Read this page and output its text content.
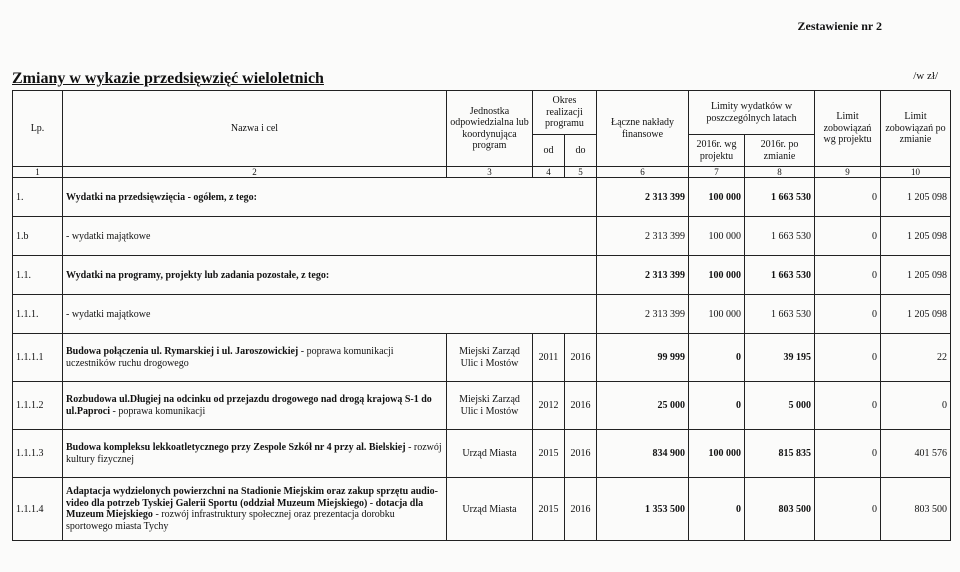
Zestawienie nr 2
Zmiany w wykazie przedsięwzięć wieloletnich	/w zł/
Lp.	Nazwa i cel	Jednostka odpowiedzialna lub koordynująca program	Okres realizacji programu		Łączne nakłady finansowe	Limity wydatków w poszczególnych latach		Limit zobowiązań wg projektu	Limit zobowiązań po zmianie
			od	do		2016r. wg projektu	2016r. po zmianie		

1	2	3	4	5	6	7	8	9	10
1.	Wydatki na przedsięwzięcia - ogółem, z tego:				2 313 399	100 000	1 663 530	0	1 205 098
1.b	- wydatki majątkowe				2 313 399	100 000	1 663 530	0	1 205 098
1.1.	Wydatki na programy, projekty lub zadania pozostałe, z tego:				2 313 399	100 000	1 663 530	0	1 205 098
1.1.1.	- wydatki majątkowe				2 313 399	100 000	1 663 530	0	1 205 098
1.1.1.1	Budowa połączenia ul. Rymarskiej i ul. Jaroszowickiej - poprawa komunikacji uczestników ruchu drogowego	Miejski Zarząd Ulic i Mostów	2011	2016	99 999	0	39 195	0	22
1.1.1.2	Rozbudowa ul.Długiej na odcinku od przejazdu drogowego nad drogą krajową S-1 do ul.Paproci - poprawa komunikacji	Miejski Zarząd Ulic i Mostów	2012	2016	25 000	0	5 000	0	0
1.1.1.3	Budowa kompleksu lekkoatletycznego przy Zespole Szkół nr 4 przy al. Bielskiej - rozwój kultury fizycznej	Urząd Miasta	2015	2016	834 900	100 000	815 835	0	401 576
1.1.1.4	Adaptacja wydzielonych powierzchni na Stadionie Miejskim oraz zakup sprzętu audio-video dla potrzeb Tyskiej Galerii Sportu (oddział Muzeum Miejskiego) - dotacja dla Muzeum Miejskiego - rozwój infrastruktury społecznej oraz prezentacja dorobku sportowego miasta Tychy	Urząd Miasta	2015	2016	1 353 500	0	803 500	0	803 500
